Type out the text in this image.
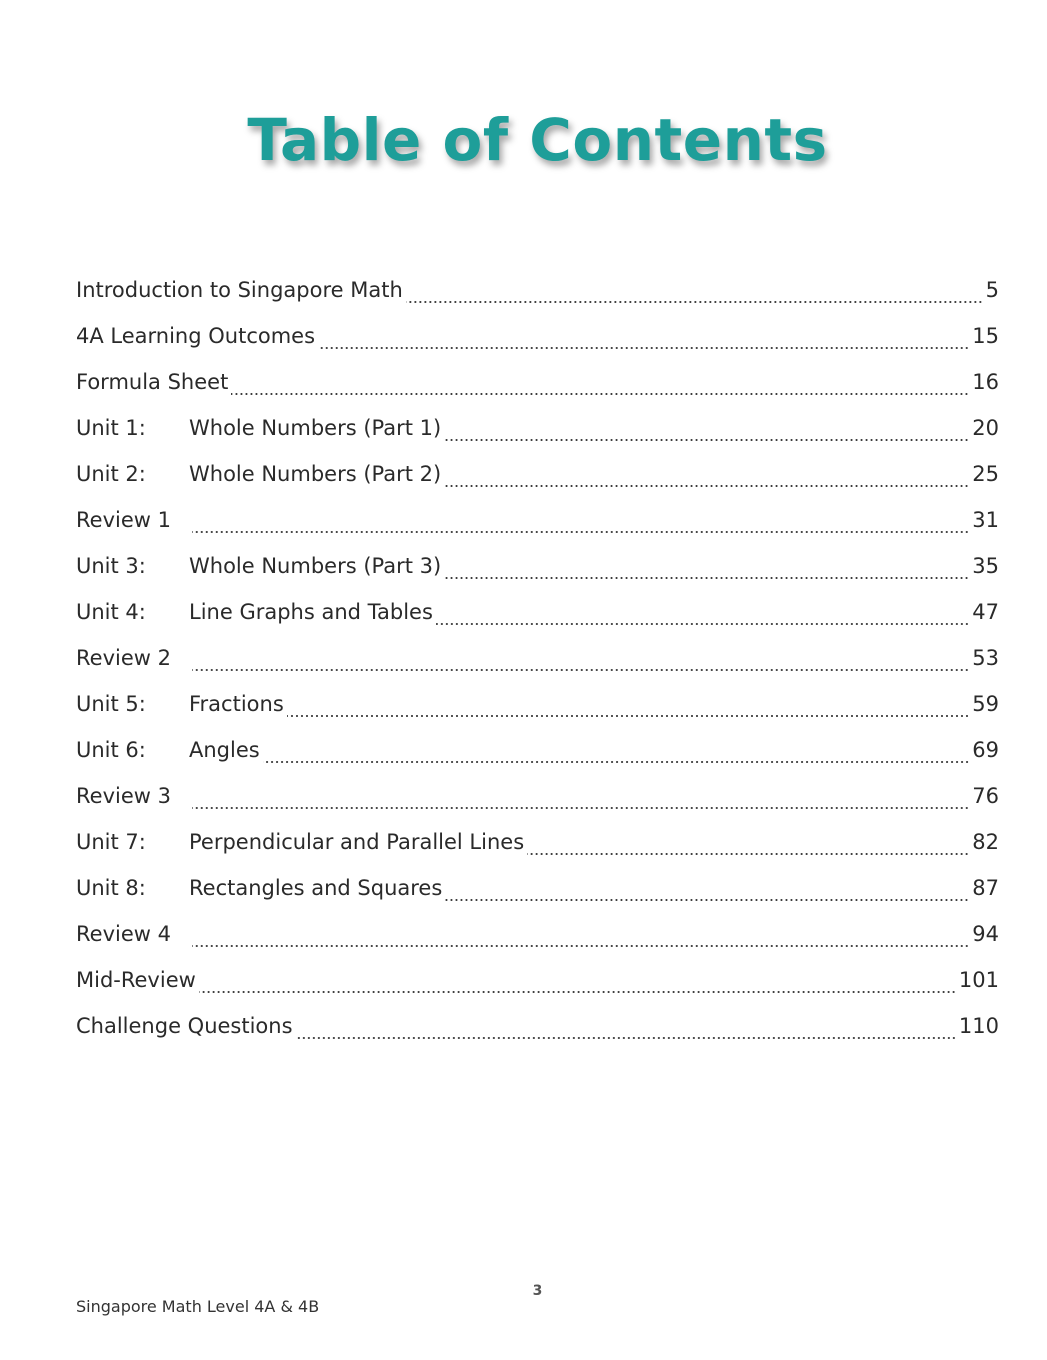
Table of Contents
Introduction to Singapore Math	5
4A Learning Outcomes	15
Formula Sheet	16
Unit 1: Whole Numbers (Part 1)	20
Unit 2: Whole Numbers (Part 2)	25
Review 1	31
Unit 3: Whole Numbers (Part 3)	35
Unit 4: Line Graphs and Tables	47
Review 2	53
Unit 5: Fractions	59
Unit 6: Angles	69
Review 3	76
Unit 7: Perpendicular and Parallel Lines	82
Unit 8: Rectangles and Squares	87
Review 4	94
Mid-Review	101
Challenge Questions	110
3
Singapore Math Level 4A & 4B
